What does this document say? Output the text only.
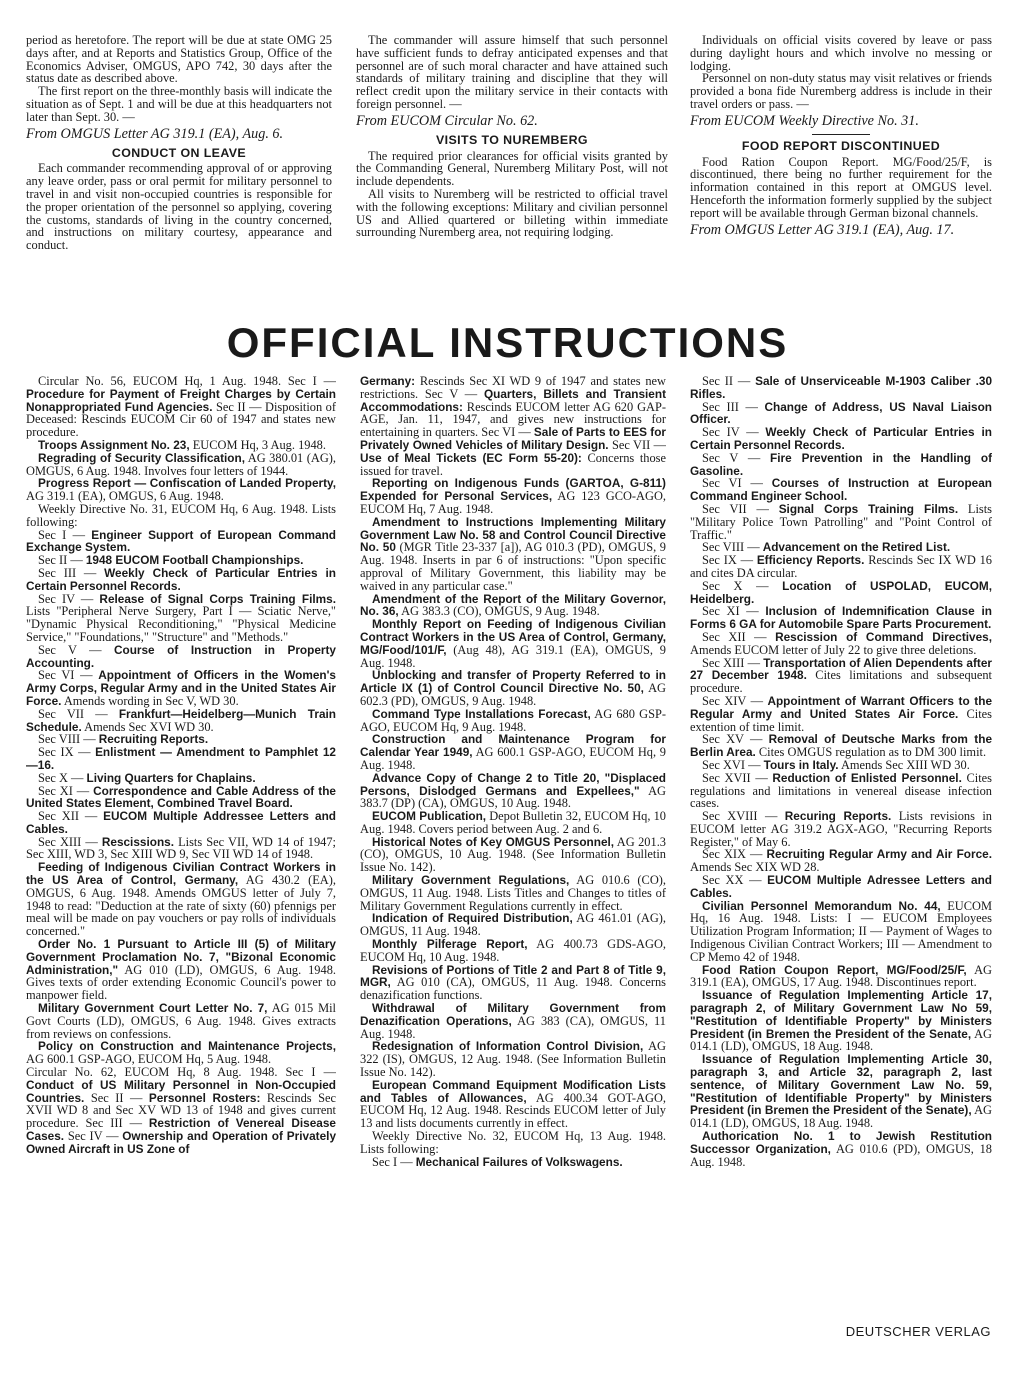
period as heretofore. The report will be due at state OMG 25 days after, and at Reports and Statistics Group, Office of the Economics Adviser, OMGUS, APO 742, 30 days after the status date as described above.

The first report on the three-monthly basis will indicate the situation as of Sept. 1 and will be due at this headquarters not later than Sept. 30. —

From OMGUS Letter AG 319.1 (EA), Aug. 6.
CONDUCT ON LEAVE

Each commander recommending approval of or approving any leave order, pass or oral permit for military personnel to travel in and visit non-occupied countries is responsible for the proper orientation of the personnel so applying, covering the customs, standards of living in the country concerned, and instructions on military courtesy, appearance and conduct.

The commander will assure himself that such personnel have sufficient funds to defray anticipated expenses and that personnel are of such moral character and have attained such standards of military training and discipline that they will reflect credit upon the military service in their contacts with foreign personnel. —

From EUCOM Circular No. 62.
VISITS TO NUREMBERG

The required prior clearances for official visits granted by the Commanding General, Nuremberg Military Post, will not include dependents.

All visits to Nuremberg will be restricted to official travel with the following exceptions: Military and civilian personnel US and Allied quartered or billeting within immediate surrounding Nuremberg area, not requiring lodging.

Individuals on official visits covered by leave or pass during daylight hours and which involve no messing or lodging.

Personnel on non-duty status may visit relatives or friends provided a bona fide Nuremberg address is include in their travel orders or pass. —

From EUCOM Weekly Directive No. 31.
FOOD REPORT DISCONTINUED

Food Ration Coupon Report. MG/Food/25/F, is discontinued, there being no further requirement for the information contained in this report at OMGUS level. Henceforth the information formerly supplied by the subject report will be available through German bizonal channels.

From OMGUS Letter AG 319.1 (EA), Aug. 17.
OFFICIAL INSTRUCTIONS

Circular No. 56, EUCOM Hq, 1 Aug. 1948. Sec I — Procedure for Payment of Freight Charges by Certain Nonappropriated Fund Agencies. Sec II — Disposition of Deceased: Rescinds EUCOM Cir 60 of 1947 and states new procedure.

Troops Assignment No. 23, EUCOM Hq, 3 Aug. 1948.

Regrading of Security Classification, AG 380.01 (AG), OMGUS, 6 Aug. 1948. Involves four letters of 1944.

Progress Report — Confiscation of Landed Property, AG 319.1 (EA), OMGUS, 6 Aug. 1948.

Weekly Directive No. 31, EUCOM Hq, 6 Aug. 1948. Lists following:

Sec I — Engineer Support of European Command Exchange System.

Sec II — 1948 EUCOM Football Championships.

Sec III — Weekly Check of Particular Entries in Certain Personnel Records.

Sec IV — Release of Signal Corps Training Films. Lists "Peripheral Nerve Surgery, Part I — Sciatic Nerve," "Dynamic Physical Reconditioning," "Physical Medicine Service," "Foundations," "Structure" and "Methods."

Sec V — Course of Instruction in Property Accounting.

Sec VI — Appointment of Officers in the Women's Army Corps, Regular Army and in the United States Air Force. Amends wording in Sec V, WD 30.

Sec VII — Frankfurt—Heidelberg—Munich Train Schedule. Amends Sec XVI WD 30.

Sec VIII — Recruiting Reports.

Sec IX — Enlistment — Amendment to Pamphlet 12—16.

Sec X — Living Quarters for Chaplains.

Sec XI — Correspondence and Cable Address of the United States Element, Combined Travel Board.

Sec XII — EUCOM Multiple Addressee Letters and Cables.

Sec XIII — Rescissions. Lists Sec VII, WD 14 of 1947; Sec XIII, WD 3, Sec XIII WD 9, Sec VII WD 14 of 1948.

Feeding of Indigenous Civilian Contract Workers in the US Area of Control, Germany, AG 430.2 (EA), OMGUS, 6 Aug. 1948. Amends OMGUS letter of July 7, 1948 to read: "Deduction at the rate of sixty (60) pfennigs per meal will be made on pay vouchers or pay rolls of individuals concerned."

Order No. 1 Pursuant to Article III (5) of Military Government Proclamation No. 7, "Bizonal Economic Administration," AG 010 (LD), OMGUS, 6 Aug. 1948. Gives texts of order extending Economic Council's power to manpower field.

Military Government Court Letter No. 7, AG 015 Mil Govt Courts (LD), OMGUS, 6 Aug. 1948. Gives extracts from reviews on confessions.

Policy on Construction and Maintenance Projects, AG 600.1 GSP-AGO, EUCOM Hq, 5 Aug. 1948.

Circular No. 62, EUCOM Hq, 8 Aug. 1948. Sec I — Conduct of US Military Personnel in Non-Occupied Countries. Sec II — Personnel Rosters: Rescinds Sec XVII WD 8 and Sec XV WD 13 of 1948 and gives current procedure. Sec III — Restriction of Venereal Disease Cases. Sec IV — Ownership and Operation of Privately Owned Aircraft in US Zone of

Germany: Rescinds Sec XI WD 9 of 1947 and states new restrictions. Sec V — Quarters, Billets and Transient Accommodations: Rescinds EUCOM letter AG 620 GAP-AGE, Jan. 11, 1947, and gives new instructions for entertaining in quarters. Sec VI — Sale of Parts to EES for Privately Owned Vehicles of Military Design. Sec VII — Use of Meal Tickets (EC Form 55-20): Concerns those issued for travel.

Reporting on Indigenous Funds (GARTOA, G-811) Expended for Personal Services, AG 123 GCO-AGO, EUCOM Hq, 7 Aug. 1948.

Amendment to Instructions Implementing Military Government Law No. 58 and Control Council Directive No. 50 (MGR Title 23-337 [a]), AG 010.3 (PD), OMGUS, 9 Aug. 1948. Inserts in par 6 of instructions: "Upon specific approval of Military Government, this liability may be waived in any particular case."

Amendment of the Report of the Military Governor, No. 36, AG 383.3 (CO), OMGUS, 9 Aug. 1948.

Monthly Report on Feeding of Indigenous Civilian Contract Workers in the US Area of Control, Germany, MG/Food/101/F, (Aug 48), AG 319.1 (EA), OMGUS, 9 Aug. 1948.

Unblocking and transfer of Property Referred to in Article IX (1) of Control Council Directive No. 50, AG 602.3 (PD), OMGUS, 9 Aug. 1948.

Command Type Installations Forecast, AG 680 GSP-AGO, EUCOM Hq, 9 Aug. 1948.

Construction and Maintenance Program for Calendar Year 1949, AG 600.1 GSP-AGO, EUCOM Hq, 9 Aug. 1948.

Advance Copy of Change 2 to Title 20, "Displaced Persons, Dislodged Germans and Expellees," AG 383.7 (DP) (CA), OMGUS, 10 Aug. 1948.

EUCOM Publication, Depot Bulletin 32, EUCOM Hq, 10 Aug. 1948. Covers period between Aug. 2 and 6.

Historical Notes of Key OMGUS Personnel, AG 201.3 (CO), OMGUS, 10 Aug. 1948. (See Information Bulletin Issue No. 142).

Military Government Regulations, AG 010.6 (CO), OMGUS, 11 Aug. 1948. Lists Titles and Changes to titles of Military Government Regulations currently in effect.

Indication of Required Distribution, AG 461.01 (AG), OMGUS, 11 Aug. 1948.

Monthly Pilferage Report, AG 400.73 GDS-AGO, EUCOM Hq, 10 Aug. 1948.

Revisions of Portions of Title 2 and Part 8 of Title 9, MGR, AG 010 (CA), OMGUS, 11 Aug. 1948. Concerns denazification functions.

Withdrawal of Military Government from Denazification Operations, AG 383 (CA), OMGUS, 11 Aug. 1948.

Redesignation of Information Control Division, AG 322 (IS), OMGUS, 12 Aug. 1948. (See Information Bulletin Issue No. 142).

European Command Equipment Modification Lists and Tables of Allowances, AG 400.34 GOT-AGO, EUCOM Hq, 12 Aug. 1948. Rescinds EUCOM letter of July 13 and lists documents currently in effect.

Weekly Directive No. 32, EUCOM Hq, 13 Aug. 1948. Lists following:

Sec I — Mechanical Failures of Volkswagens.

Sec II — Sale of Unserviceable M-1903 Caliber .30 Rifles.

Sec III — Change of Address, US Naval Liaison Officer.

Sec IV — Weekly Check of Particular Entries in Certain Personnel Records.

Sec V — Fire Prevention in the Handling of Gasoline.

Sec VI — Courses of Instruction at European Command Engineer School.

Sec VII — Signal Corps Training Films. Lists "Military Police Town Patrolling" and "Point Control of Traffic."

Sec VIII — Advancement on the Retired List.

Sec IX — Efficiency Reports. Rescinds Sec IX WD 16 and cites DA circular.

Sec X — Location of USPOLAD, EUCOM, Heidelberg.

Sec XI — Inclusion of Indemnification Clause in Forms 6 GA for Automobile Spare Parts Procurement.

Sec XII — Rescission of Command Directives, Amends EUCOM letter of July 22 to give three deletions.

Sec XIII — Transportation of Alien Dependents after 27 December 1948. Cites limitations and subsequent procedure.

Sec XIV — Appointment of Warrant Officers to the Regular Army and United States Air Force. Cites extention of time limit.

Sec XV — Removal of Deutsche Marks from the Berlin Area. Cites OMGUS regulation as to DM 300 limit.

Sec XVI — Tours in Italy. Amends Sec XIII WD 30.

Sec XVII — Reduction of Enlisted Personnel. Cites regulations and limitations in venereal disease infection cases.

Sec XVIII — Recuring Reports. Lists revisions in EUCOM letter AG 319.2 AGX-AGO, "Recurring Reports Register," of May 6.

Sec XIX — Recruiting Regular Army and Air Force. Amends Sec XIX WD 28.

Sec XX — EUCOM Multiple Adressee Letters and Cables.

Civilian Personnel Memorandum No. 44, EUCOM Hq, 16 Aug. 1948. Lists: I — EUCOM Employees Utilization Program Information; II — Payment of Wages to Indigenous Civilian Contract Workers; III — Amendment to CP Memo 42 of 1948.

Food Ration Coupon Report, MG/Food/25/F, AG 319.1 (EA), OMGUS, 17 Aug. 1948. Discontinues report.

Issuance of Regulation Implementing Article 17, paragraph 2, of Military Government Law No 59, "Restitution of Identifiable Property" by Ministers President (in Bremen the President of the Senate, AG 014.1 (LD), OMGUS, 18 Aug. 1948.

Issuance of Regulation Implementing Article 30, paragraph 3, and Article 32, paragraph 2, last sentence, of Military Government Law No. 59, "Restitution of Identifiable Property" by Ministers President (in Bremen the President of the Senate), AG 014.1 (LD), OMGUS, 18 Aug. 1948.

Authorication No. 1 to Jewish Restitution Successor Organization, AG 010.6 (PD), OMGUS, 18 Aug. 1948.

DEUTSCHER VERLAG
